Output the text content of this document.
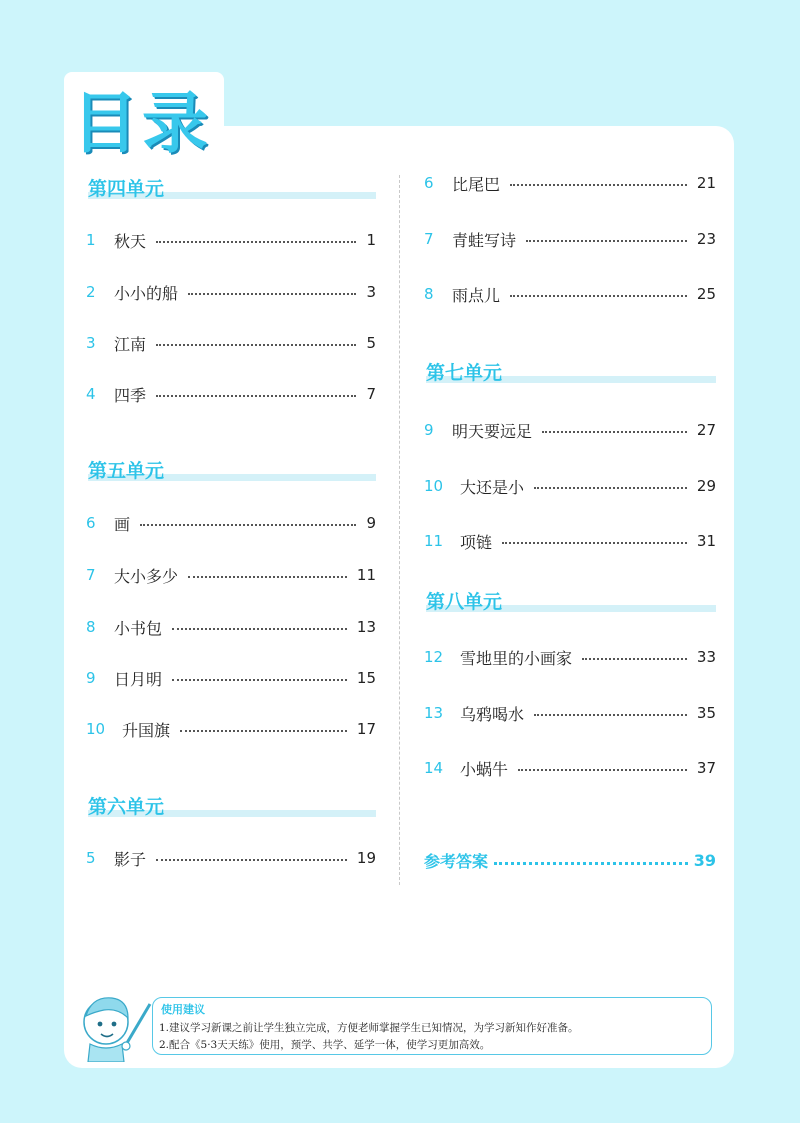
目录
第四单元
1	秋天	1
2	小小的船	3
3	江南	5
4	四季	7
第五单元
6	画	9
7	大小多少	11
8	小书包	13
9	日月明	15
10	升国旗	17
第六单元
5	影子	19
6	比尾巴	21
7	青蛙写诗	23
8	雨点儿	25
第七单元
9	明天要远足	27
10	大还是小	29
11	项链	31
第八单元
12	雪地里的小画家	33
13	乌鸦喝水	35
14	小蜗牛	37
参考答案	39
使用建议
1.建议学习新课之前让学生独立完成，方便老师掌握学生已知情况，为学习新知作好准备。
2.配合《5·3天天练》使用，预学、共学、延学一体，使学习更加高效。
